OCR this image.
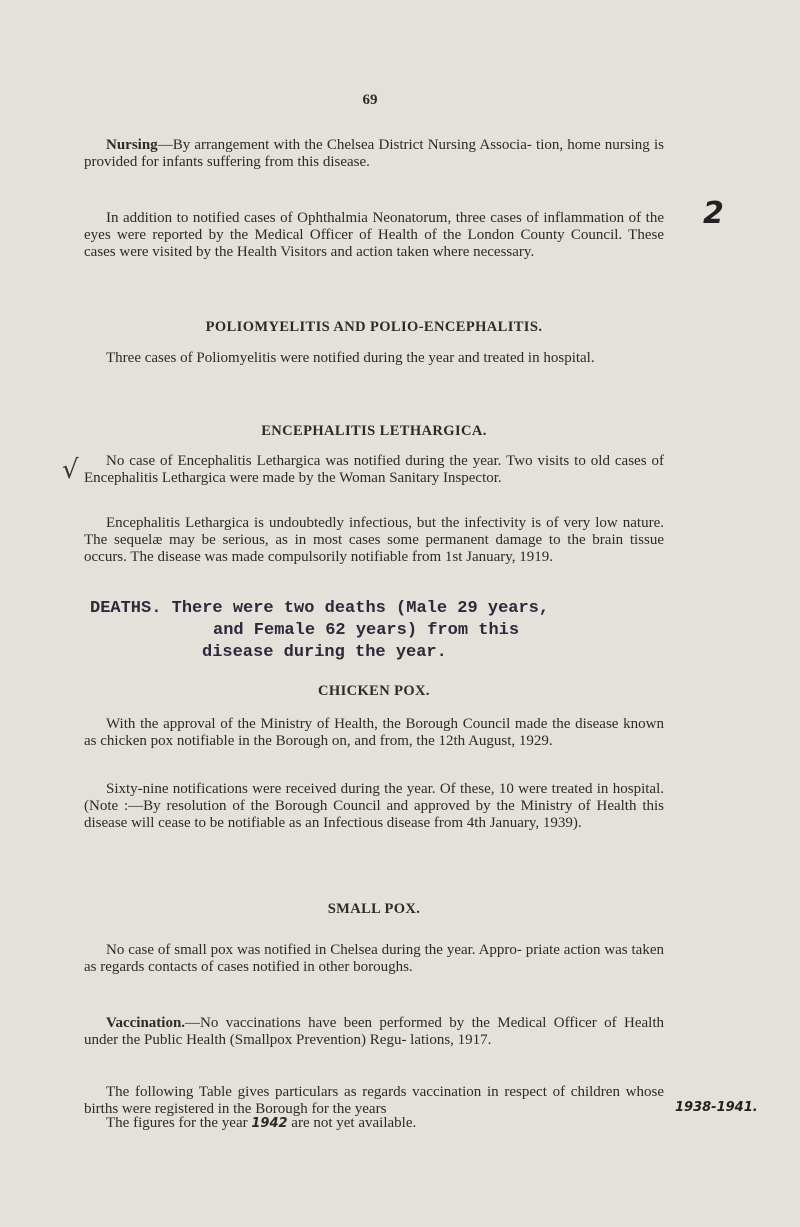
69
Nursing—By arrangement with the Chelsea District Nursing Associa- tion, home nursing is provided for infants suffering from this disease.
In addition to notified cases of Ophthalmia Neonatorum, three cases of inflammation of the eyes were reported by the Medical Officer of Health of the London County Council. These cases were visited by the Health Visitors and action taken where necessary.
2
POLIOMYELITIS AND POLIO-ENCEPHALITIS.
Three cases of Poliomyelitis were notified during the year and treated in hospital.
ENCEPHALITIS LETHARGICA.
√	No case of Encephalitis Lethargica was notified during the year. Two visits to old cases of Encephalitis Lethargica were made by the Woman Sanitary Inspector.
Encephalitis Lethargica is undoubtedly infectious, but the infectivity is of very low nature. The sequelæ may be serious, as in most cases some permanent damage to the brain tissue occurs. The disease was made compulsorily notifiable from 1st January, 1919.
DEATHS. There were two deaths (Male 29 years,
and Female 62 years) from this
disease during the year.
CHICKEN POX.
With the approval of the Ministry of Health, the Borough Council made the disease known as chicken pox notifiable in the Borough on, and from, the 12th August, 1929.
Sixty-nine notifications were received during the year. Of these, 10 were treated in hospital. (Note :—By resolution of the Borough Council and approved by the Ministry of Health this disease will cease to be notifiable as an Infectious disease from 4th January, 1939).
SMALL POX.
No case of small pox was notified in Chelsea during the year. Appro- priate action was taken as regards contacts of cases notified in other boroughs.
Vaccination.—No vaccinations have been performed by the Medical Officer of Health under the Public Health (Smallpox Prevention) Regu- lations, 1917.
The following Table gives particulars as regards vaccination in respect of children whose births were registered in the Borough for the years	1938-1941.
The figures for the year 1942 are not yet available.
